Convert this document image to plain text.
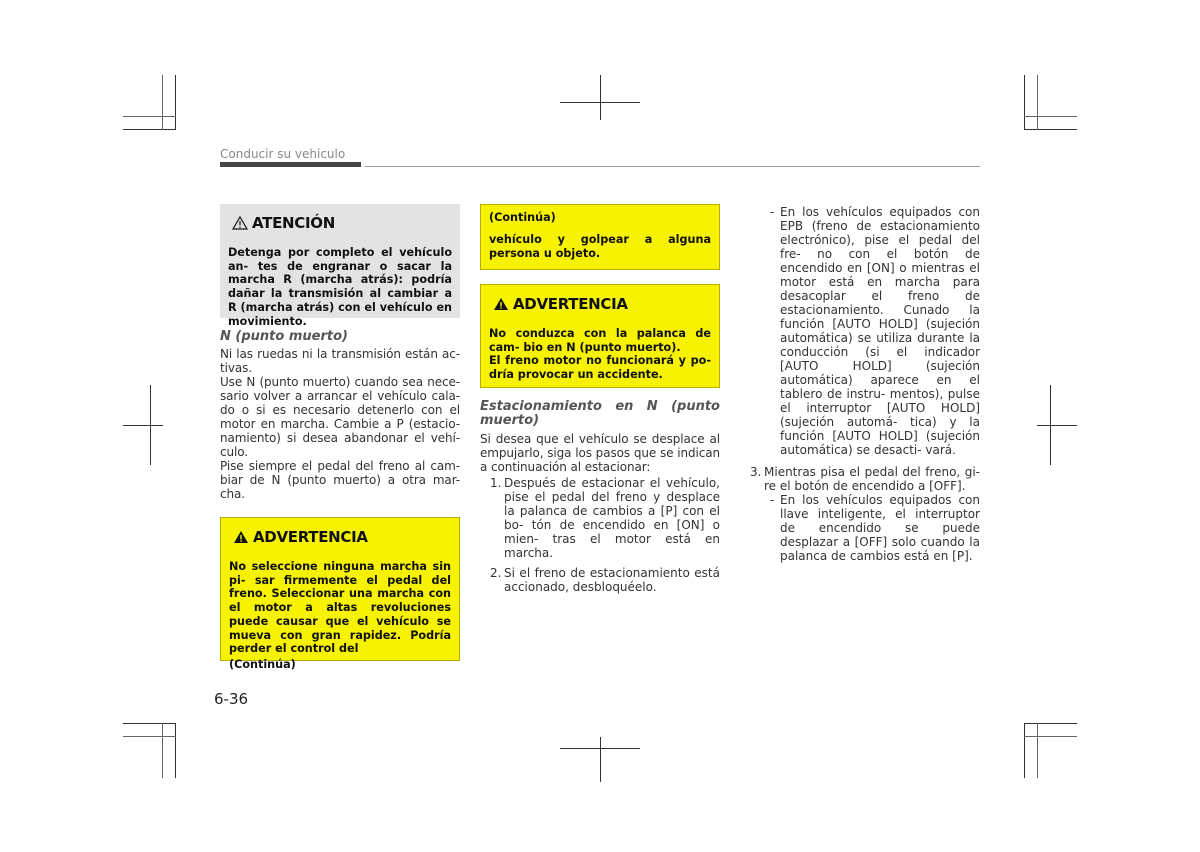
Conducir su vehiculo
ATENCIÓN
Detenga por completo el vehículo an- tes de engranar o sacar la marcha R (marcha atrás): podría dañar la transmisión al cambiar a R (marcha atrás) con el vehículo en movimiento.
N (punto muerto)
Ni las ruedas ni la transmisión están ac- tivas.
Use N (punto muerto) cuando sea nece- sario volver a arrancar el vehículo cala- do o si es necesario detenerlo con el motor en marcha. Cambie a P (estacio- namiento) si desea abandonar el vehí- culo.
Pise siempre el pedal del freno al cam- biar de N (punto muerto) a otra mar- cha.
ADVERTENCIA
No seleccione ninguna marcha sin pi- sar firmemente el pedal del freno. Seleccionar una marcha con el motor a altas revoluciones puede causar que el vehículo se mueva con gran rapidez. Podría perder el control del
(Continúa)
(Continúa)
vehículo y golpear a alguna persona u objeto.
ADVERTENCIA
No conduzca con la palanca de cam- bio en N (punto muerto).
El freno motor no funcionará y po- dría provocar un accidente.
Estacionamiento en N (punto muerto)
Si desea que el vehículo se desplace al empujarlo, siga los pasos que se indican a continuación al estacionar:
1. Después de estacionar el vehículo, pise el pedal del freno y desplace la palanca de cambios a [P] con el bo- tón de encendido en [ON] o mien- tras el motor está en marcha.
2. Si el freno de estacionamiento está accionado, desbloquéelo.
- En los vehículos equipados con EPB (freno de estacionamiento electrónico), pise el pedal del fre- no con el botón de encendido en [ON] o mientras el motor está en marcha para desacoplar el freno de estacionamiento. Cunado la función [AUTO HOLD] (sujeción automática) se utiliza durante la conducción (si el indicador [AUTO HOLD] (sujeción automática) aparece en el tablero de instru- mentos), pulse el interruptor [AUTO HOLD] (sujeción automá- tica) y la función [AUTO HOLD] (sujeción automática) se desacti- vará.
3. Mientras pisa el pedal del freno, gi- re el botón de encendido a [OFF].
- En los vehículos equipados con llave inteligente, el interruptor de encendido se puede desplazar a [OFF] solo cuando la palanca de cambios está en [P].
6-36
